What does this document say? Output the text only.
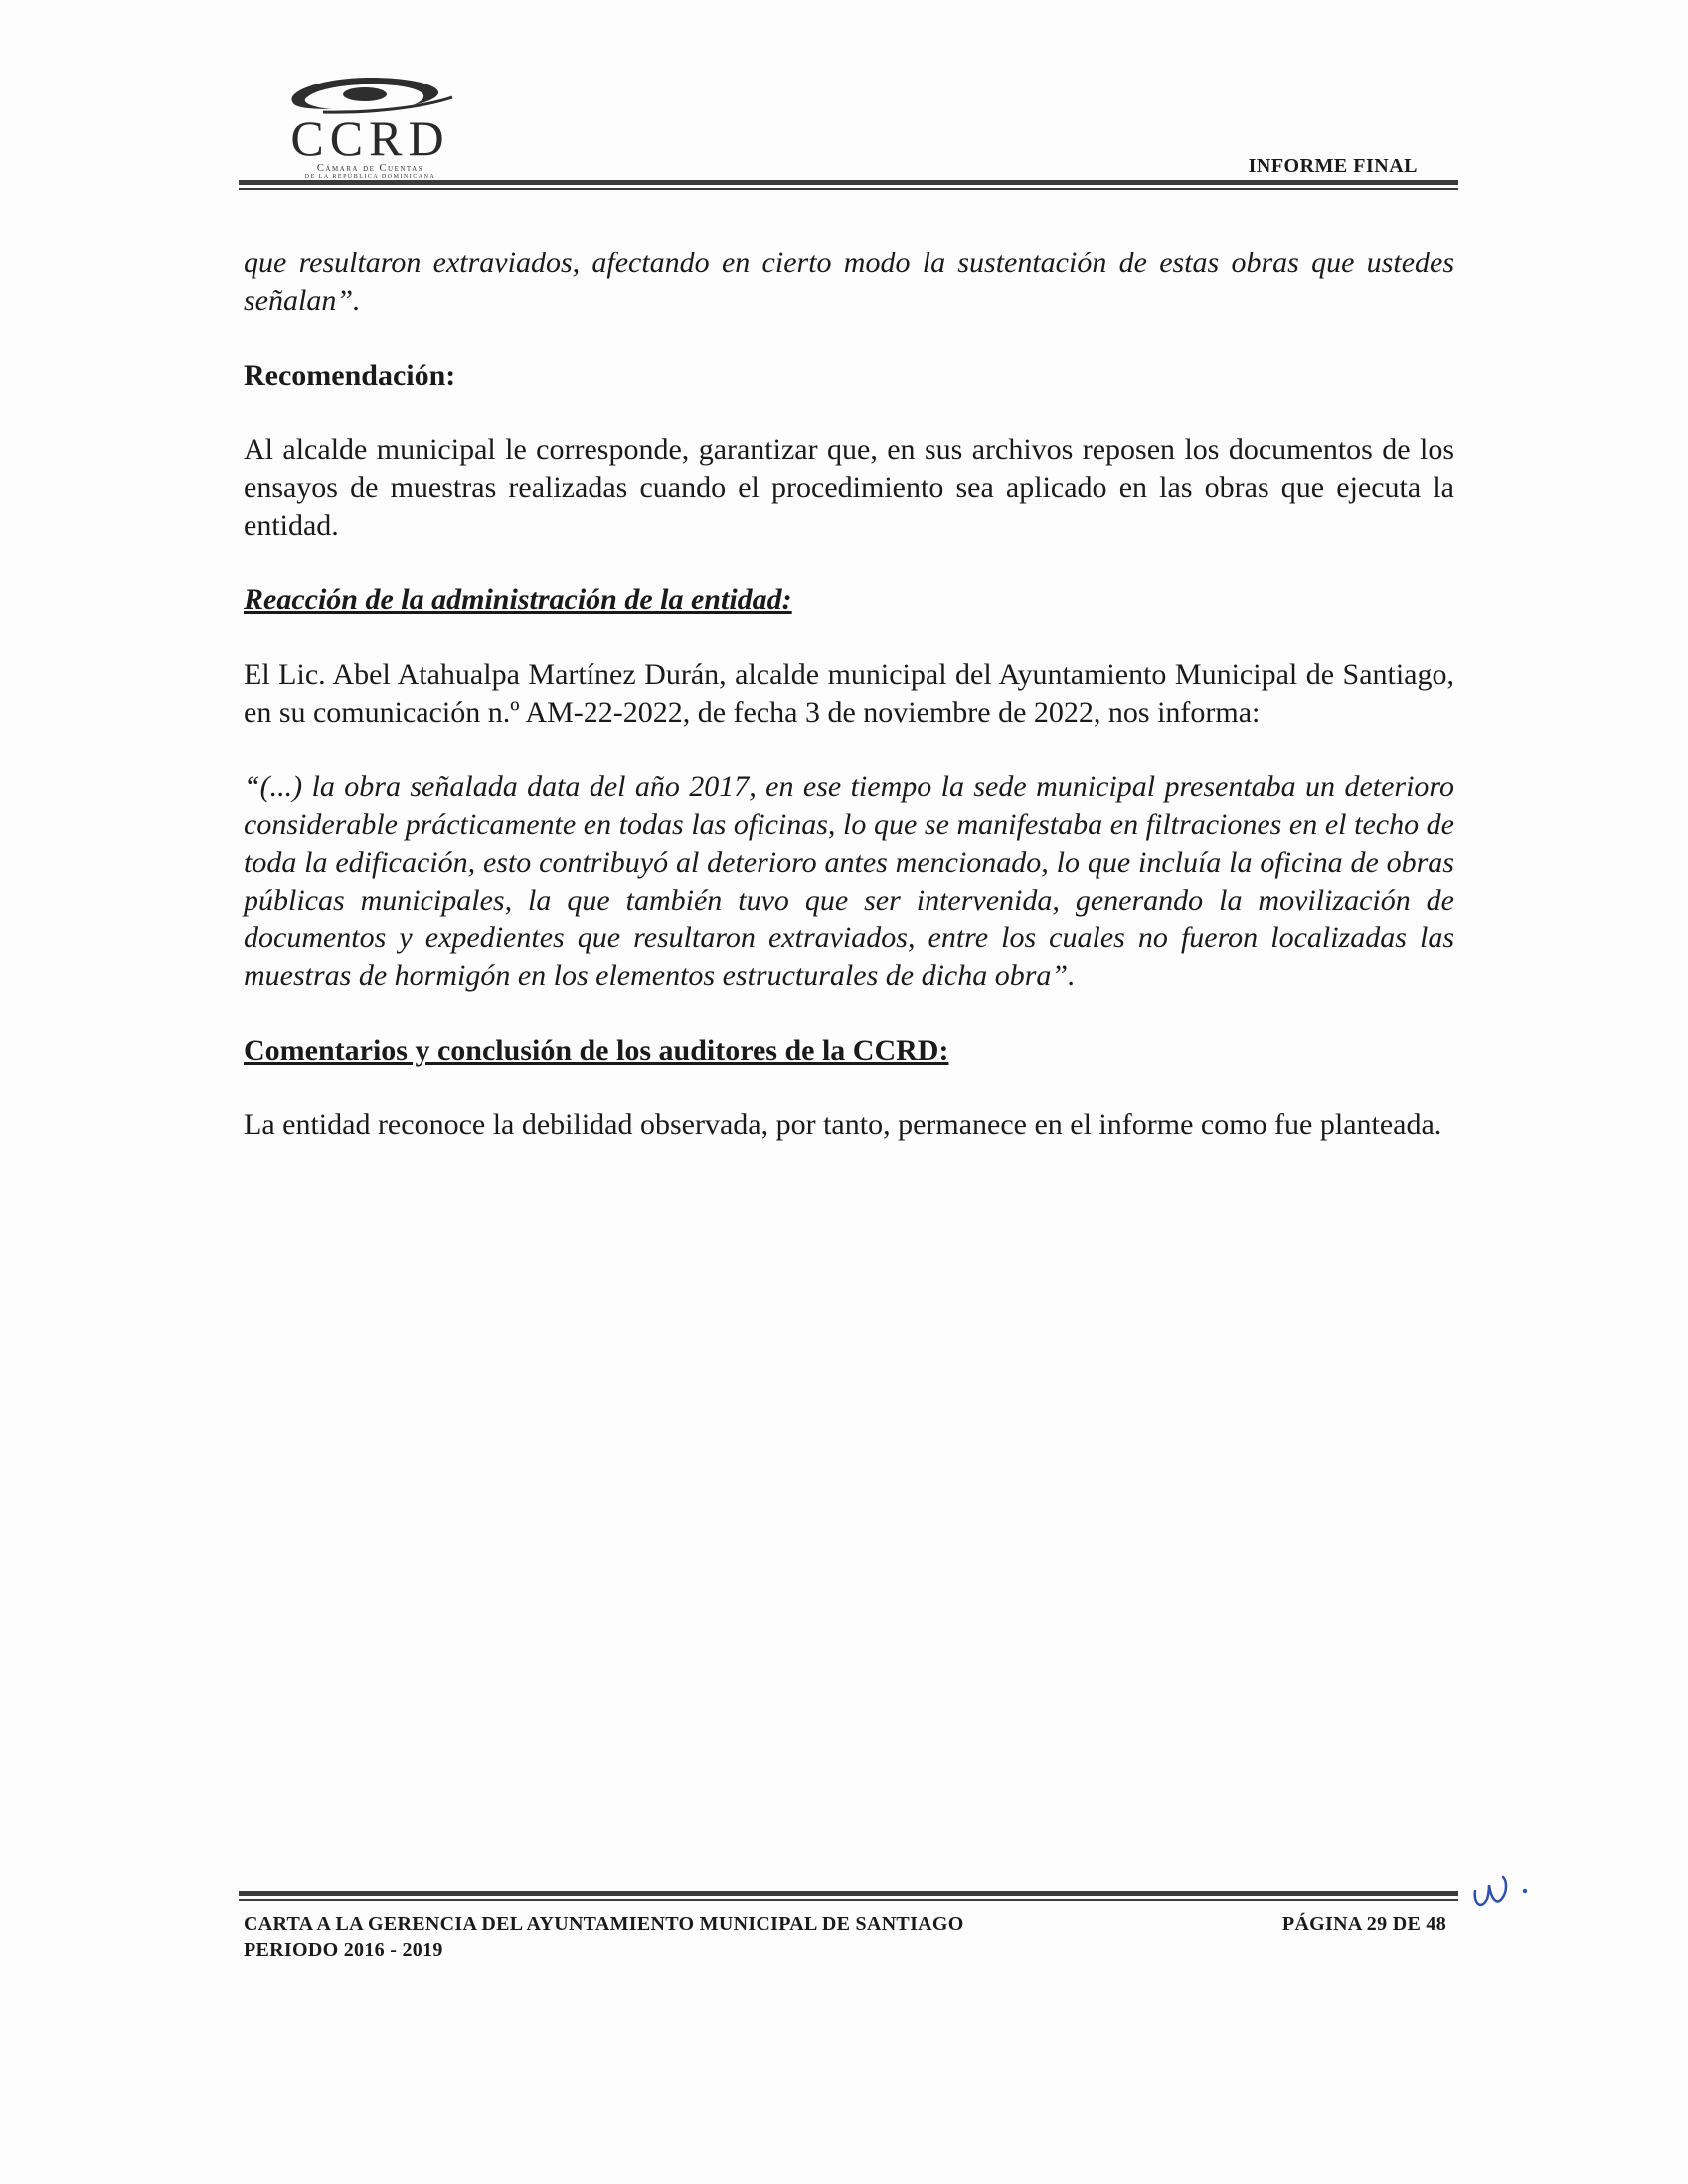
CCRD
Cámara de Cuentas
DE LA REPÚBLICA DOMINICANA	INFORME FINAL

que resultaron extraviados, afectando en cierto modo la sustentación de estas obras que ustedes señalan”.

Recomendación:

Al alcalde municipal le corresponde, garantizar que, en sus archivos reposen los documentos de los ensayos de muestras realizadas cuando el procedimiento sea aplicado en las obras que ejecuta la entidad.

Reacción de la administración de la entidad:

El Lic. Abel Atahualpa Martínez Durán, alcalde municipal del Ayuntamiento Municipal de Santiago, en su comunicación n.º AM-22-2022, de fecha 3 de noviembre de 2022, nos informa:

“(...) la obra señalada data del año 2017, en ese tiempo la sede municipal presentaba un deterioro considerable prácticamente en todas las oficinas, lo que se manifestaba en filtraciones en el techo de toda la edificación, esto contribuyó al deterioro antes mencionado, lo que incluía la oficina de obras públicas municipales, la que también tuvo que ser intervenida, generando la movilización de documentos y expedientes que resultaron extraviados, entre los cuales no fueron localizadas las muestras de hormigón en los elementos estructurales de dicha obra”.

Comentarios y conclusión de los auditores de la CCRD:

La entidad reconoce la debilidad observada, por tanto, permanece en el informe como fue planteada.

CARTA A LA GERENCIA DEL AYUNTAMIENTO MUNICIPAL DE SANTIAGO
PERIODO 2016 - 2019
PÁGINA 29 DE 48
